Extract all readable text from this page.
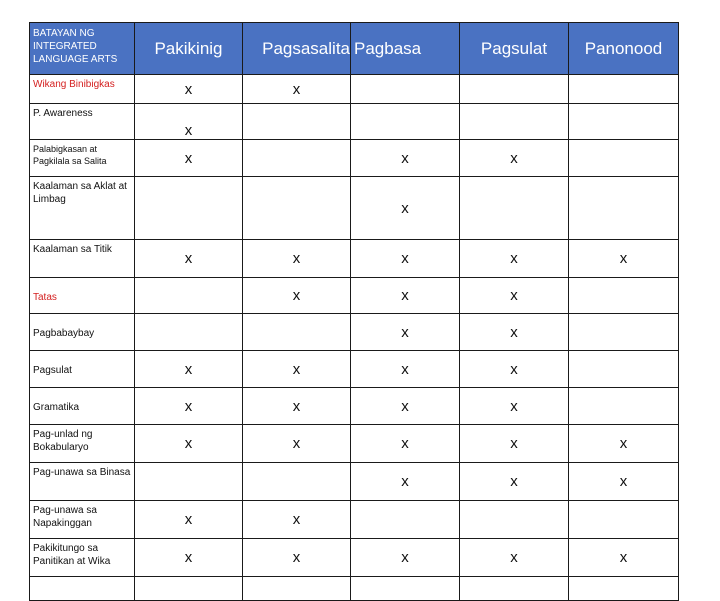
BATAYAN NG INTEGRATED LANGUAGE ARTS	Pakikinig	Pagsasalita	Pagbasa	Pagsulat	Panonood
Wikang Binibigkas	x	x			
P. Awareness	x				
Palabigkasan at Pagkilala sa Salita	x		x	x	
Kaalaman sa Aklat at Limbag			x		
Kaalaman sa Titik	x	x	x	x	x
Tatas		x	x	x	
Pagbabaybay			x	x	
Pagsulat	x	x	x	x	
Gramatika	x	x	x	x	
Pag-unlad ng Bokabularyo	x	x	x	x	x
Pag-unawa sa Binasa			x	x	x
Pag-unawa sa Napakinggan	x	x			
Pakikitungo sa Panitikan at Wika	x	x	x	x	x
